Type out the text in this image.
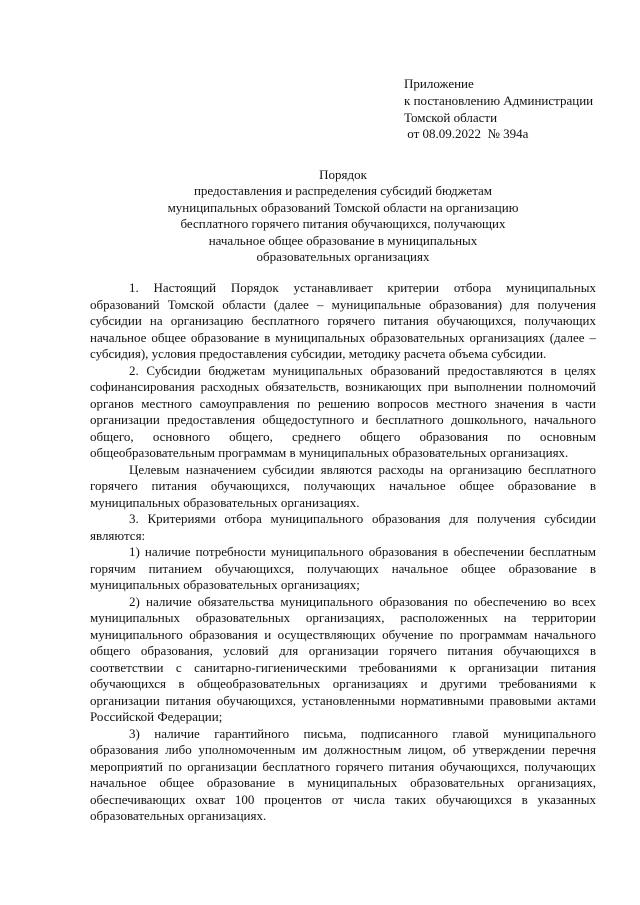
Приложение
к постановлению Администрации
Томской области
от 08.09.2022  № 394а
Порядок
предоставления и распределения субсидий бюджетам
муниципальных образований Томской области на организацию
бесплатного горячего питания обучающихся, получающих
начальное общее образование в муниципальных
образовательных организациях

1. Настоящий Порядок устанавливает критерии отбора муниципальных образований Томской области (далее – муниципальные образования) для получения субсидии на организацию бесплатного горячего питания обучающихся, получающих начальное общее образование в муниципальных образовательных организациях (далее – субсидия), условия предоставления субсидии, методику расчета объема субсидии.

2. Субсидии бюджетам муниципальных образований предоставляются в целях софинансирования расходных обязательств, возникающих при выполнении полномочий органов местного самоуправления по решению вопросов местного значения в части организации предоставления общедоступного и бесплатного дошкольного, начального общего, основного общего, среднего общего образования по основным общеобразовательным программам в муниципальных образовательных организациях.

Целевым назначением субсидии являются расходы на организацию бесплатного горячего питания обучающихся, получающих начальное общее образование в муниципальных образовательных организациях.

3. Критериями отбора муниципального образования для получения субсидии являются:

1) наличие потребности муниципального образования в обеспечении бесплатным горячим питанием обучающихся, получающих начальное общее образование в муниципальных образовательных организациях;

2) наличие обязательства муниципального образования по обеспечению во всех муниципальных образовательных организациях, расположенных на территории муниципального образования и осуществляющих обучение по программам начального общего образования, условий для организации горячего питания обучающихся в соответствии с санитарно-гигиеническими требованиями к организации питания обучающихся в общеобразовательных организациях и другими требованиями к организации питания обучающихся, установленными нормативными правовыми актами Российской Федерации;

3) наличие гарантийного письма, подписанного главой муниципального образования либо уполномоченным им должностным лицом, об утверждении перечня мероприятий по организации бесплатного горячего питания обучающихся, получающих начальное общее образование в муниципальных образовательных организациях, обеспечивающих охват 100 процентов от числа таких обучающихся в указанных образовательных организациях.
